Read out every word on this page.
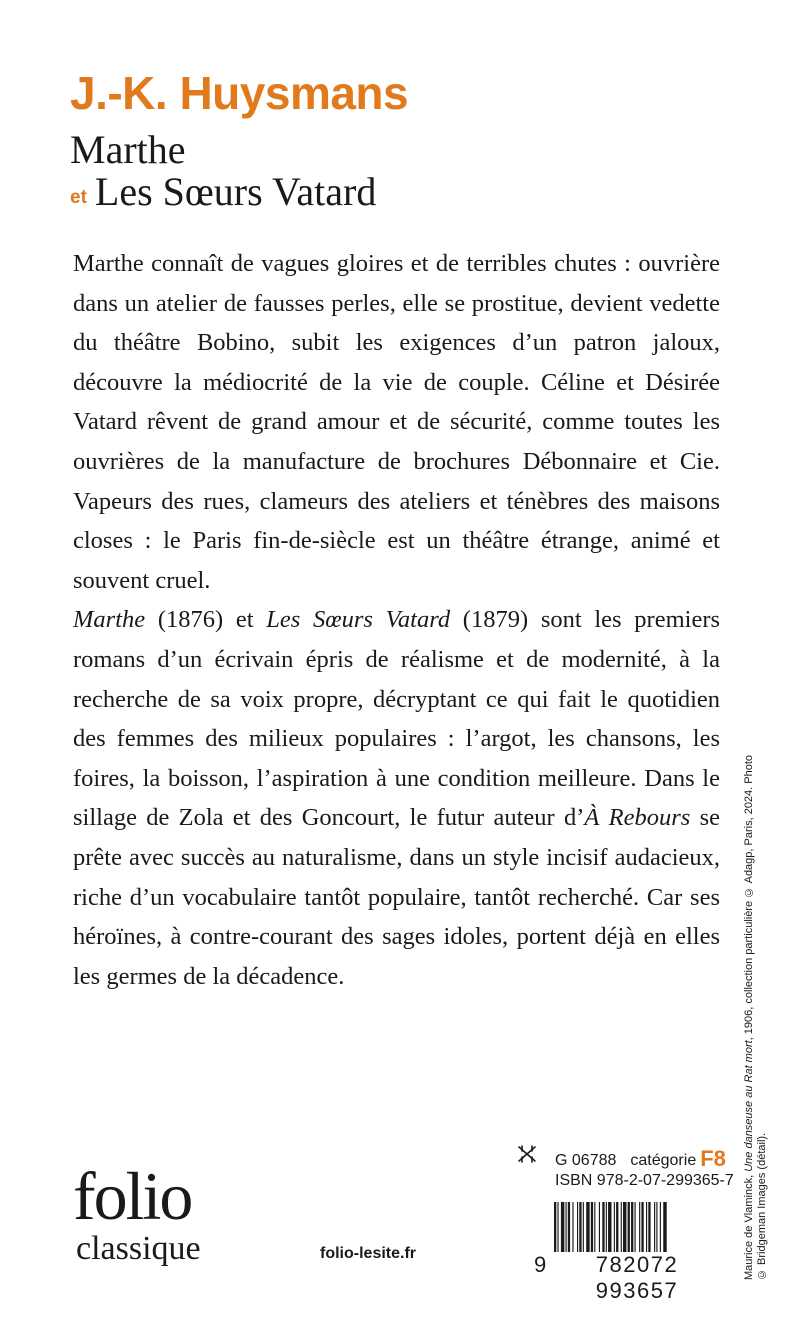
J.-K. Huysmans
Marthe
et Les Sœurs Vatard

Marthe connaît de vagues gloires et de terribles chutes : ouvrière dans un atelier de fausses perles, elle se prostitue, devient vedette du théâtre Bobino, subit les exigences d’un patron jaloux, découvre la médiocrité de la vie de couple. Céline et Désirée Vatard rêvent de grand amour et de sécurité, comme toutes les ouvrières de la manufacture de brochures Débonnaire et Cie. Vapeurs des rues, clameurs des ateliers et ténèbres des maisons closes : le Paris fin-de-siècle est un théâtre étrange, animé et souvent cruel.

Marthe (1876) et Les Sœurs Vatard (1879) sont les premiers romans d’un écrivain épris de réalisme et de modernité, à la recherche de sa voix propre, décryptant ce qui fait le quotidien des femmes des milieux populaires : l’argot, les chansons, les foires, la boisson, l’aspiration à une condition meilleure. Dans le sillage de Zola et des Goncourt, le futur auteur d’À Rebours se prête avec succès au naturalisme, dans un style incisif audacieux, riche d’un vocabulaire tantôt populaire, tantôt recherché. Car ses héroïnes, à contre-courant des sages idoles, portent déjà en elles les germes de la décadence.

Maurice de Vlaminck, Une danseuse au Rat mort, 1906, collection particulière © Adagp, Paris, 2024. Photo
© Bridgeman Images (détail).
folio
classique	folio-lesite.fr
G 06788 catégorie F8
ISBN 978-2-07-299365-7
9	782072 993657
